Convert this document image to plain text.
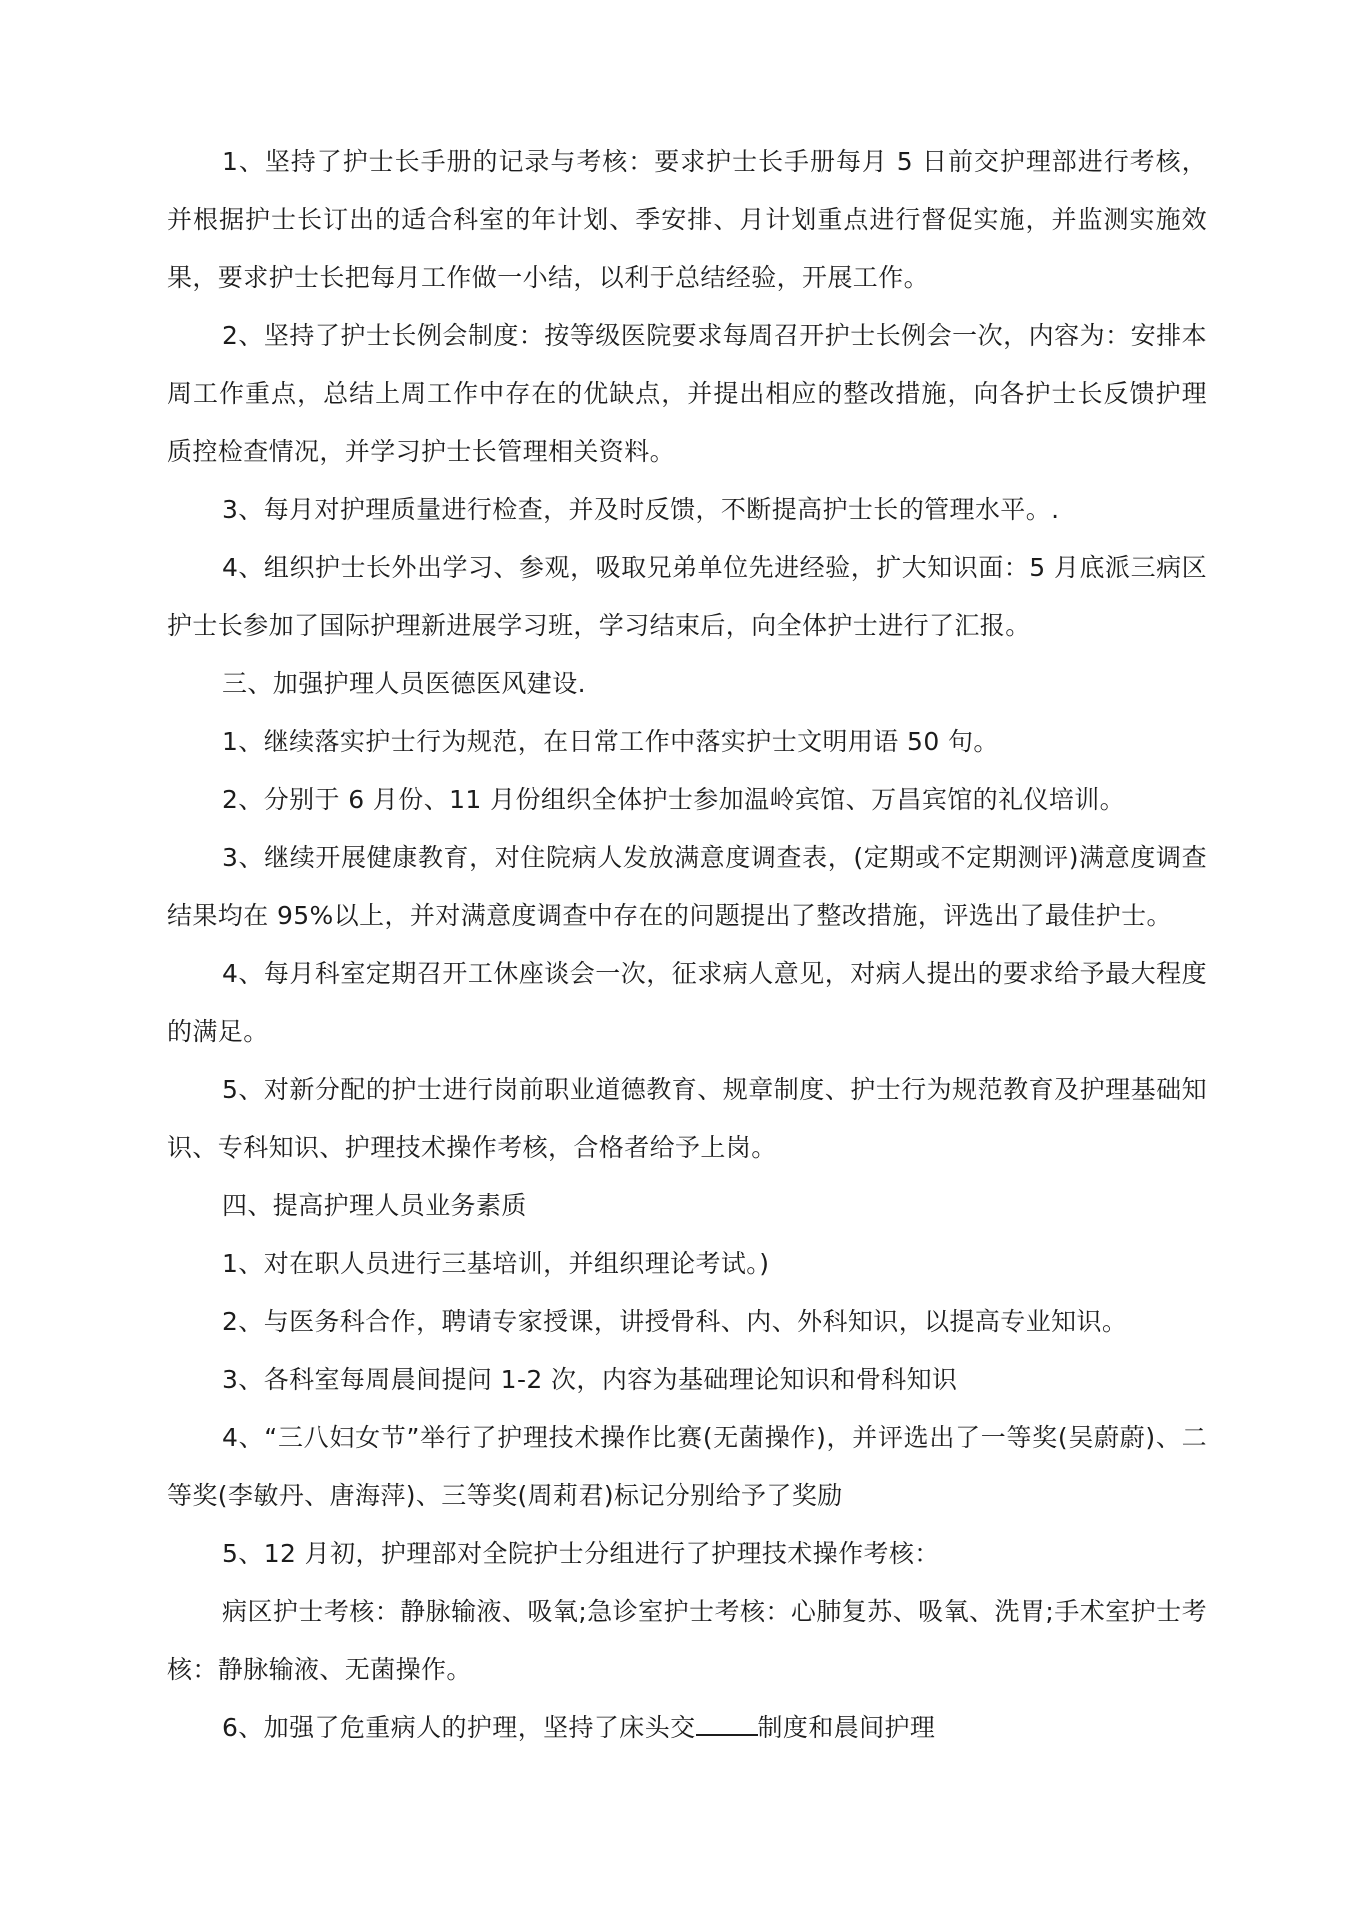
1、坚持了护士长手册的记录与考核：要求护士长手册每月 5 日前交护理部进行考核，并根据护士长订出的适合科室的年计划、季安排、月计划重点进行督促实施，并监测实施效果，要求护士长把每月工作做一小结，以利于总结经验，开展工作。

2、坚持了护士长例会制度：按等级医院要求每周召开护士长例会一次，内容为：安排本周工作重点，总结上周工作中存在的优缺点，并提出相应的整改措施，向各护士长反馈护理质控检查情况，并学习护士长管理相关资料。

3、每月对护理质量进行检查，并及时反馈，不断提高护士长的管理水平。.

4、组织护士长外出学习、参观，吸取兄弟单位先进经验，扩大知识面：5 月底派三病区护士长参加了国际护理新进展学习班，学习结束后，向全体护士进行了汇报。

三、加强护理人员医德医风建设.

1、继续落实护士行为规范，在日常工作中落实护士文明用语 50 句。

2、分别于 6 月份、11 月份组织全体护士参加温岭宾馆、万昌宾馆的礼仪培训。

3、继续开展健康教育，对住院病人发放满意度调查表，(定期或不定期测评)满意度调查结果均在 95%以上，并对满意度调查中存在的问题提出了整改措施，评选出了最佳护士。

4、每月科室定期召开工休座谈会一次，征求病人意见，对病人提出的要求给予最大程度的满足。

5、对新分配的护士进行岗前职业道德教育、规章制度、护士行为规范教育及护理基础知识、专科知识、护理技术操作考核，合格者给予上岗。

四、提高护理人员业务素质

1、对在职人员进行三基培训，并组织理论考试。)

2、与医务科合作，聘请专家授课，讲授骨科、内、外科知识，以提高专业知识。

3、各科室每周晨间提问 1-2 次，内容为基础理论知识和骨科知识

4、“三八妇女节”举行了护理技术操作比赛(无菌操作)，并评选出了一等奖(吴蔚蔚)、二等奖(李敏丹、唐海萍)、三等奖(周莉君)标记分别给予了奖励

5、12 月初，护理部对全院护士分组进行了护理技术操作考核：

病区护士考核：静脉输液、吸氧;急诊室护士考核：心肺复苏、吸氧、洗胃;手术室护士考核：静脉输液、无菌操作。

6、加强了危重病人的护理，坚持了床头交 制度和晨间护理
